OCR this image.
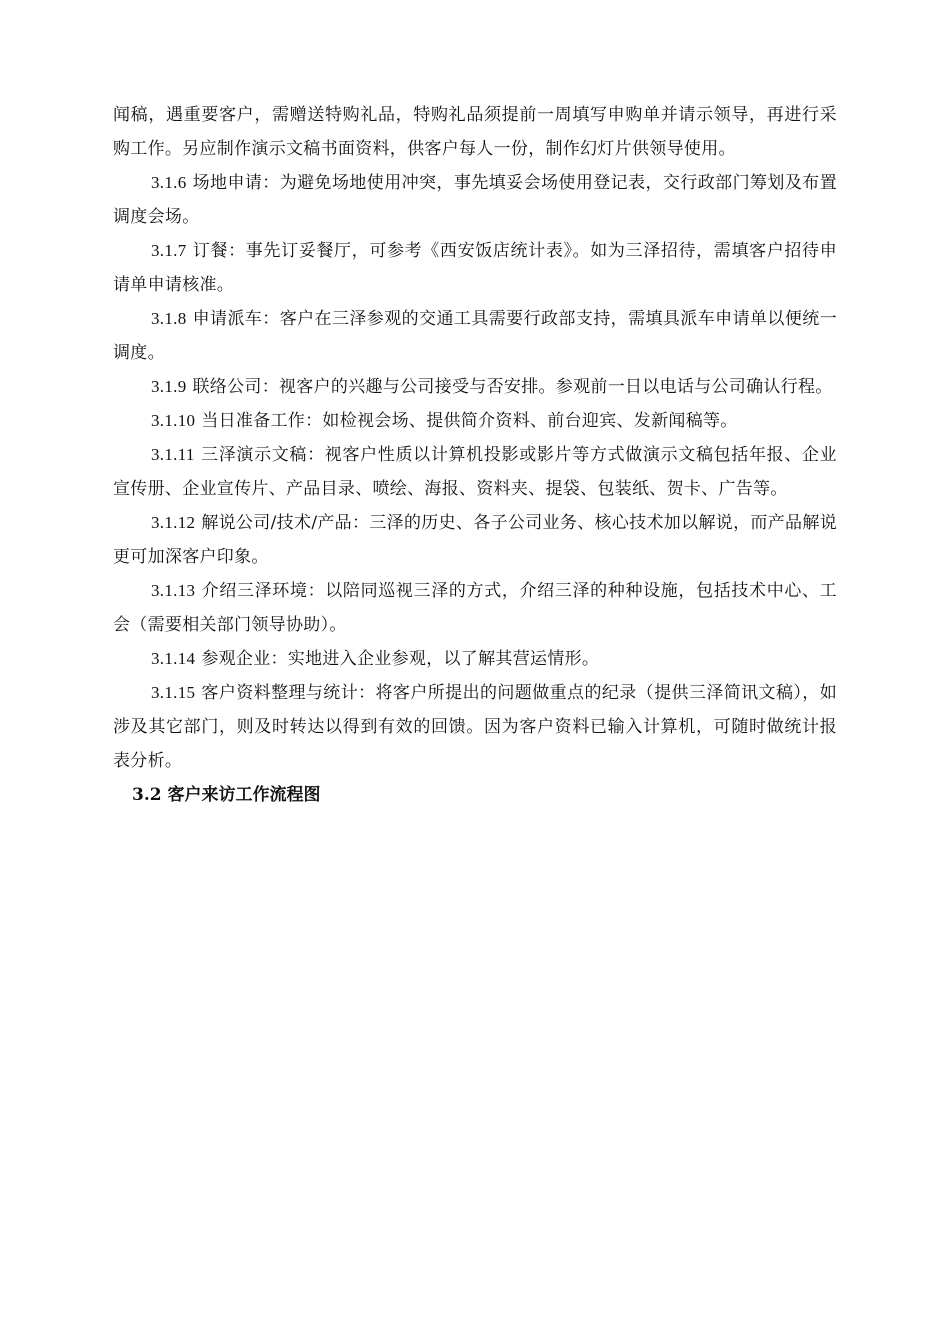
闻稿，遇重要客户，需赠送特购礼品，特购礼品须提前一周填写申购单并请示领导，再进行采购工作。另应制作演示文稿书面资料，供客户每人一份，制作幻灯片供领导使用。

3.1.6 场地申请：为避免场地使用冲突，事先填妥会场使用登记表，交行政部门筹划及布置调度会场。

3.1.7 订餐：事先订妥餐厅，可参考《西安饭店统计表》。如为三泽招待，需填客户招待申请单申请核准。

3.1.8 申请派车：客户在三泽参观的交通工具需要行政部支持，需填具派车申请单以便统一调度。

3.1.9 联络公司：视客户的兴趣与公司接受与否安排。参观前一日以电话与公司确认行程。

3.1.10 当日准备工作：如检视会场、提供简介资料、前台迎宾、发新闻稿等。

3.1.11 三泽演示文稿：视客户性质以计算机投影或影片等方式做演示文稿包括年报、企业宣传册、企业宣传片、产品目录、喷绘、海报、资料夹、提袋、包装纸、贺卡、广告等。

3.1.12 解说公司/技术/产品：三泽的历史、各子公司业务、核心技术加以解说，而产品解说更可加深客户印象。

3.1.13 介绍三泽环境：以陪同巡视三泽的方式，介绍三泽的种种设施，包括技术中心、工会（需要相关部门领导协助）。

3.1.14 参观企业：实地进入企业参观，以了解其营运情形。

3.1.15 客户资料整理与统计：将客户所提出的问题做重点的纪录（提供三泽简讯文稿），如涉及其它部门，则及时转达以得到有效的回馈。因为客户资料已输入计算机，可随时做统计报表分析。

3.2 客户来访工作流程图
